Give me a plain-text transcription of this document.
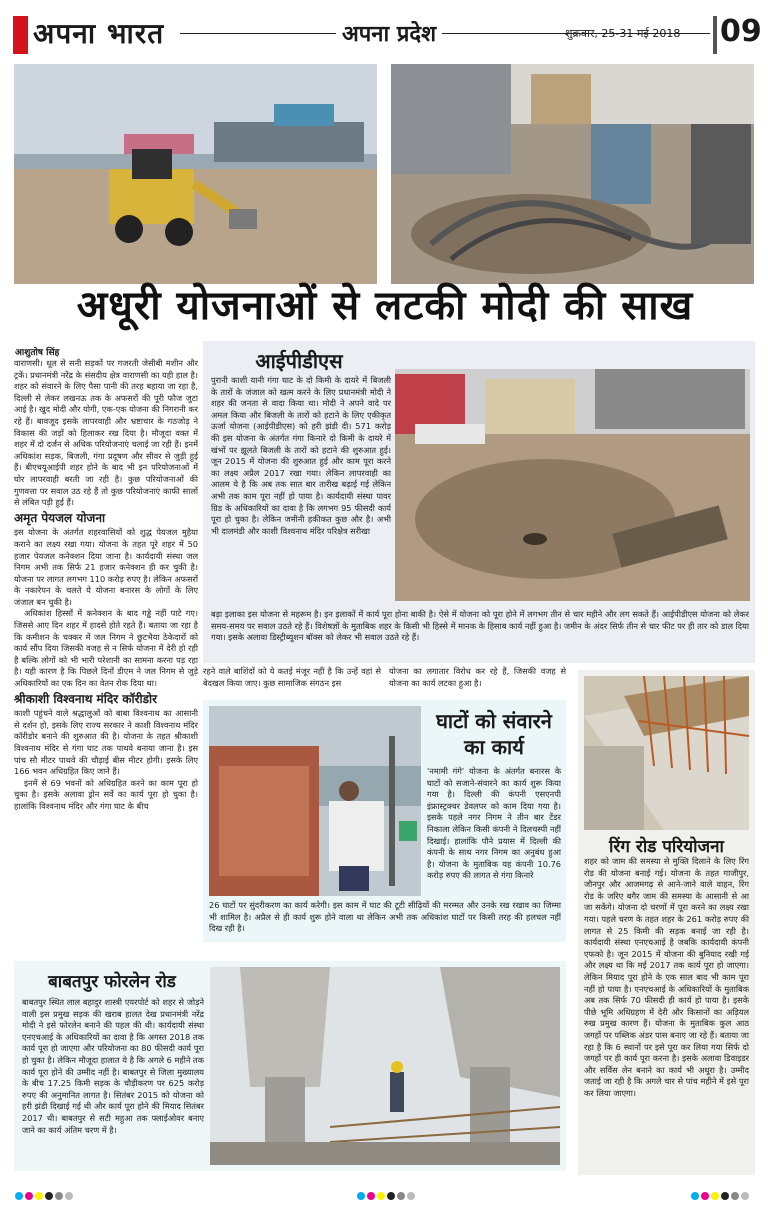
अपना भारत	अपना प्रदेश	शुक्रवार, 25-31 मई 2018 09
अधूरी योजनाओं से लटकी मोदी की साख
आशुतोष सिंह

वाराणसी। धूल से सनी सड़कों पर गजरती जेसीबी मशीन और ट्रकें। प्रधानमंत्री नरेंद्र के संसदीय क्षेत्र वाराणसी का यही हाल है। शहर को संवारने के लिए पैसा पानी की तरह बहाया जा रहा है, दिल्ली से लेकर लखनऊ तक के अफसरों की पूरी फौज जुटा आई है। खुद मोदी और योगी, एक-एक योजना की निगरानी कर रहे हैं। बावजूद इसके लापरवाही और भ्रष्टाचार के गठजोड़ ने विकास की जड़ों को हिलाकर रख दिया है। मौजूदा वक्त में शहर में दो दर्जन से अधिक परियोजनाएं चलाई जा रही हैं। इनमें अधिकांश सड़क, बिजली, गंगा प्रदूषण और सीवर से जुड़ी हुई हैं। बीएचयूआईपी शहर होने के बाद भी इन परियोजनाओं में घोर लापरवाही बरती जा रही है। कुछ परियोजनाओं की गुणवत्ता पर सवाल उठ रहे हैं तो कुछ परियोजनाएं काफी सालों से लंबित पड़ी हुई हैं।

अमृत पेयजल योजना

इस योजना के अंतर्गत शहरवासियों को शुद्ध पेयजल मुहैया कराने का लक्ष्य रखा गया। योजना के तहत पूरे शहर में 50 हजार पेयजल कनेक्शन दिया जाना है। कार्यदायी संस्था जल निगम अभी तक सिर्फ 21 हजार कनेक्शन ही कर चुकी है। योजना पर लागत लगभग 110 करोड़ रुपए है। लेकिन अफसरों के नकारेपन के चलते ये योजना बनारस के लोगों के लिए जंजाल बन चुकी है।

अधिकांश हिस्सों में कनेक्शन के बाद गड्ढे नहीं पाटे गए। जिससे आए दिन शहर में हादसे होते रहते हैं। बताया जा रहा है कि कमीशन के चक्कर में जल निगम ने छुटभैया ठेकेदारों को कार्य सौंप दिया जिसकी वजह से न सिर्फ योजना में देरी हो रही है बल्कि लोगों को भी भारी परेशानी का सामना करना पड़ रहा है। यही कारण है कि पिछले दिनों डीएम ने जल निगम से जुड़े अधिकारियों का एक दिन का वेतन रोक दिया था।

श्रीकाशी विश्वनाथ मंदिर कॉरीडोर

काशी पहुंचने वाले श्रद्धालुओं को बाबा विश्वनाथ का आसानी से दर्शन हो, इसके लिए राज्य सरकार ने काशी विश्वनाथ मंदिर कॉरीडोर बनाने की शुरुआत की है। योजना के तहत श्रीकाशी विश्वनाथ मंदिर से गंगा घाट तक पाथवे बनाया जाना है। इस पांच सौ मीटर पाथवे की चौड़ाई बीस मीटर होगी। इसके लिए 166 भवन अधिग्रहित किए जाने हैं।

इनमें से 69 भवनों को अधिग्रहित करने का काम पूरा हो चुका है। इसके अलावा ड्रोन सर्वे का कार्य पूरा हो चुका है। हालांकि विश्वनाथ मंदिर और गंगा घाट के बीच

आईपीडीएस
पुरानी काशी यानी गंगा घाट के दो किमी के दायरे में बिजली के तारों के जंजाल को खत्म करने के लिए प्रधानमंत्री मोदी ने शहर की जनता से वादा किया था। मोदी ने अपने वादे पर अमल किया और बिजली के तारों को हटाने के लिए एकीकृत ऊर्जा योजना (आईपीडीएस) को हरी झंडी दी। 571 करोड़ की इस योजना के अंतर्गत गंगा किनारे दो किमी के दायरे में खंभों पर झूलते बिजली के तारों को हटाने की शुरुआत हुई। जून 2015 में योजना की शुरुआत हुई और काम पूरा करने का लक्ष्य अप्रैल 2017 रखा गया। लेकिन लापरवाही का आलम ये है कि अब तक सात बार तारीख बढ़ाई गई लेकिन अभी तक काम पूरा नहीं हो पाया है। कार्यदायी संस्था पावर ग्रिड के अधिकारियों का दावा है कि लगभग 95 फीसदी कार्य पूरा हो चुका है। लेकिन जमीनी हकीकत कुछ और है। अभी भी दालमंडी और काशी विश्वनाथ मंदिर परिक्षेत्र सरीखा
बड़ा इलाका इस योजना से महरूम है। इन इलाकों में कार्य पूरा होना बाकी है। ऐसे में योजना को पूरा होने में लगभग तीन से चार महीने और लग सकते हैं। आईपीडीएस योजना को लेकर समय-समय पर सवाल उठते रहे हैं। विशेषज्ञों के मुताबिक शहर के किसी भी हिस्से में मानक के हिसाब कार्य नहीं हुआ है। जमीन के अंदर सिर्फ तीन से चार फीट पर ही तार को डाल दिया गया। इसके अलावा डिस्ट्रीब्यूशन बॉक्स को लेकर भी सवाल उठते रहे हैं।
रहने वाले बाशिंदों को ये कतई मंजूर नहीं है कि उन्हें वहां से बेदखल किया जाए। कुछ सामाजिक संगठन इस
योजना का लगातार विरोध कर रहे हैं, जिसकी वजह से योजना का कार्य लटका हुआ है।
घाटों को संवारने का कार्य
'नमामी गंगे' योजना के अंतर्गत बनारस के घाटों को सजाने-संवारने का कार्य शुरू किया गया है। दिल्ली की कंपनी एसएनपी इंफ्रास्ट्रक्चर डेवलपर को काम दिया गया है। इसके पहले नगर निगम ने तीन बार टेंडर निकाला लेकिन किसी कंपनी ने दिलचस्पी नहीं दिखाई। हालांकि पौने प्रयास में दिल्ली की कंपनी के साथ नगर निगम का अनुबंध हुआ है। योजना के मुताबिक यह कंपनी 10.76 करोड़ रुपए की लागत से गंगा किनारे
26 घाटों पर सुंदरीकरण का कार्य करेगी। इस काम में घाट की टूटी सीढ़ियों की मरम्मत और उनके रख रखाव का जिम्मा भी शामिल है। अप्रैल से ही कार्य शुरू होने वाला था लेकिन अभी तक अधिकांश घाटों पर किसी तरह की हलचल नहीं दिख रही है।
रिंग रोड परियोजना
शहर को जाम की समस्या से मुक्ति दिलाने के लिए रिंग रोड की योजना बनाई गई। योजना के तहत गाजीपुर, जौनपुर और आजमगढ़ से आने-जाने वाले वाहन, रिंग रोड के जरिए बगैर जाम की समस्या के आसानी से आ जा सकेंगे। योजना दो चरणों में पूरा करने का लक्ष्य रखा गया। पहले चरण के तहत शहर के 261 करोड़ रुपए की लागत से 25 किमी की सड़क बनाई जा रही है। कार्यदायी संस्था एनएचआई है जबकि कार्यदायी कंपनी एफको है। जून 2015 में योजना की बुनियाद रखी गई और लक्ष्य था कि मई 2017 तक कार्य पूरा हो जाएगा। लेकिन मियाद पूरा होने के एक साल बाद भी काम पूरा नहीं हो पाया है। एनएचआई के अधिकारियों के मुताबिक अब तक सिर्फ 70 फीसदी ही कार्य हो पाया है। इसके पीछे भूमि अधिग्रहण में देरी और किसानों का अड़ियल रुख प्रमुख कारण हैं। योजना के मुताबिक कुल आठ जगहों पर पब्लिक अंडर पास बनाए जा रहे हैं। बताया जा रहा है कि 6 स्थानों पर इसे पूरा कर लिया गया सिर्फ दो जगहों पर ही कार्य पूरा करना है। इसके अलावा डिवाइडर और सर्विस लेन बनाने का कार्य भी अधूरा है। उम्मीद जताई जा रही है कि अगले चार से पांच महीने में इसे पूरा कर लिया जाएगा।
बाबतपुर फोरलेन रोड
बाबतपुर स्थित लाल बहादुर शास्त्री एयरपोर्ट को शहर से जोड़ने वाली इस प्रमुख सड़क की खराब हालत देख प्रधानमंत्री नरेंद्र मोदी ने इसे फोरलेन बनाने की पहल की थी। कार्यदायी संस्था एनएचआई के अधिकारियों का दावा है कि अगस्त 2018 तक कार्य पूरा हो जाएगा और परियोजना का 80 फीसदी कार्य पूरा हो चुका है। लेकिन मौजूदा हालात ये है कि अगले 6 महीने तक कार्य पूरा होने की उम्मीद नहीं है। बाबतपुर से जिला मुख्यालय के बीच 17.25 किमी सड़क के चौड़ीकरण पर 625 करोड़ रुपए की अनुमानित लागत है। सितंबर 2015 को योजना को हरी झंडी दिखाई गई थी और कार्य पूरा होने की मियाद सितंबर 2017 थी। बाबतपुर से सटी महुआ तक फ्लाईओवर बनाए जाने का कार्य अंतिम चरण में है।
